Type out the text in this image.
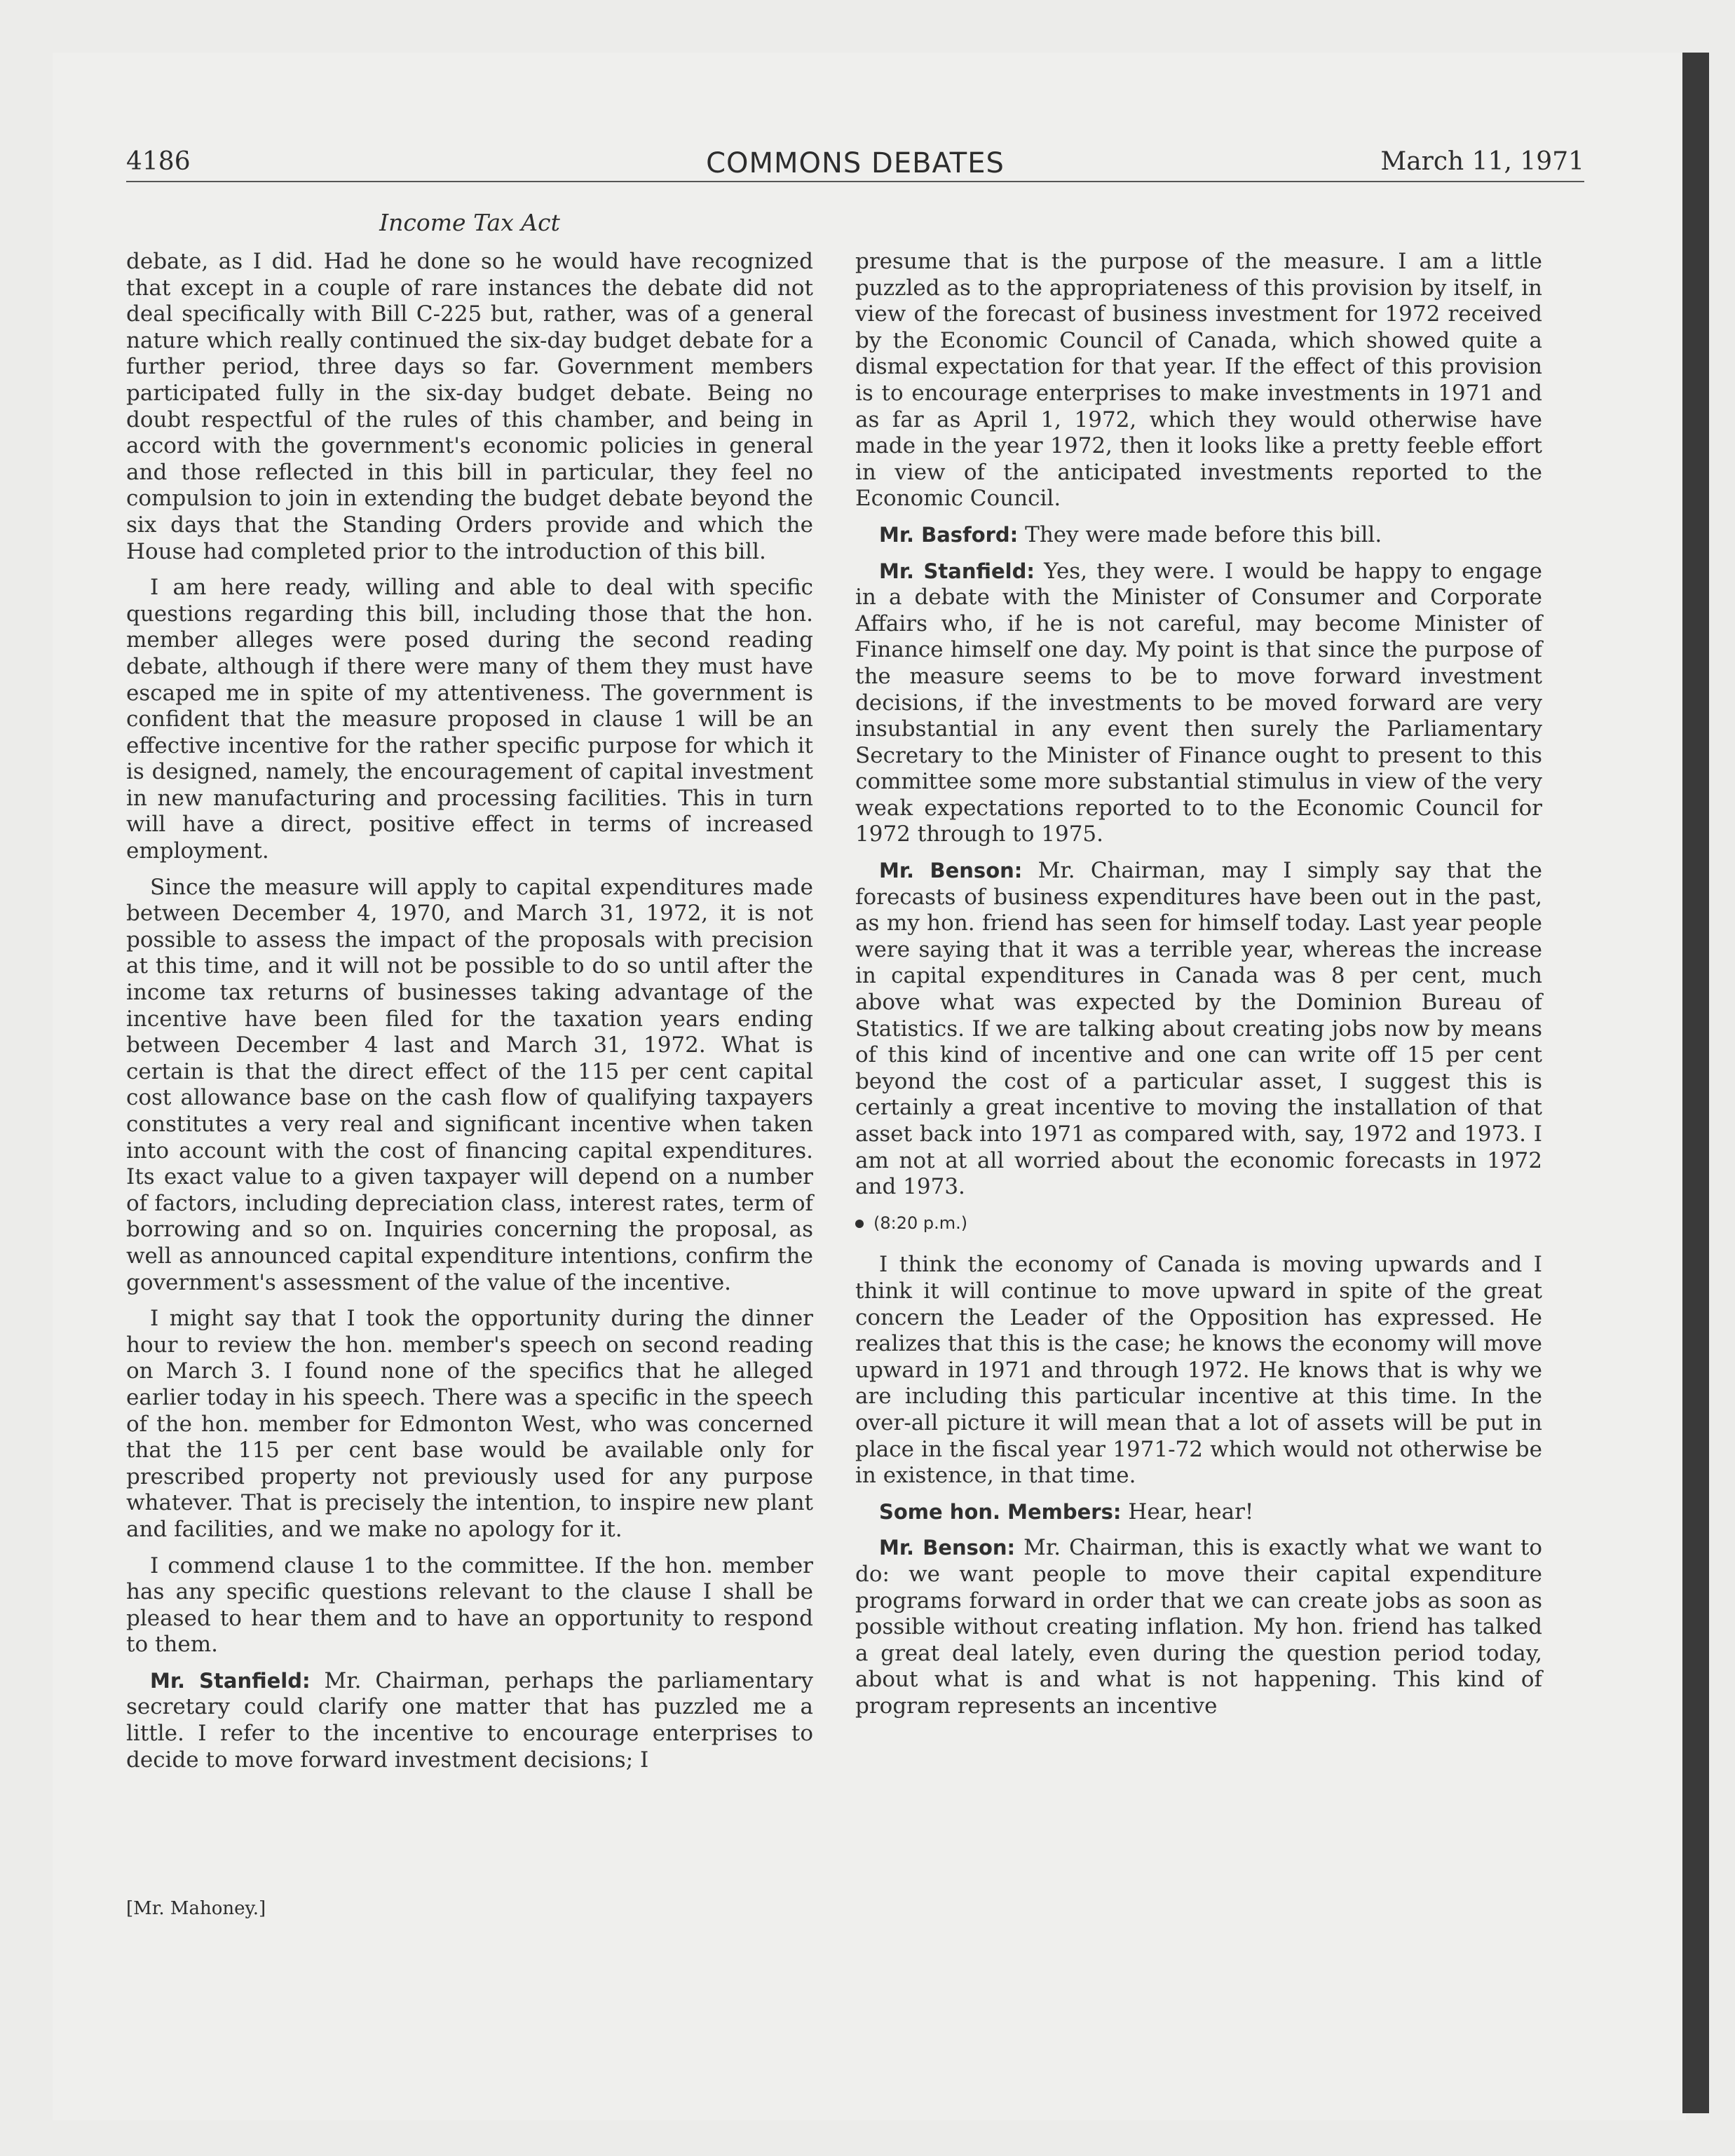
4186	COMMONS DEBATES	March 11, 1971
Income Tax Act

debate, as I did. Had he done so he would have recognized that except in a couple of rare instances the debate did not deal specifically with Bill C-225 but, rather, was of a general nature which really continued the six-day budget debate for a further period, three days so far. Government members participated fully in the six-day budget debate. Being no doubt respectful of the rules of this chamber, and being in accord with the government's economic policies in general and those reflected in this bill in particular, they feel no compulsion to join in extending the budget debate beyond the six days that the Standing Orders provide and which the House had completed prior to the introduction of this bill.

I am here ready, willing and able to deal with specific questions regarding this bill, including those that the hon. member alleges were posed during the second reading debate, although if there were many of them they must have escaped me in spite of my attentiveness. The government is confident that the measure proposed in clause 1 will be an effective incentive for the rather specific purpose for which it is designed, namely, the encouragement of capital investment in new manufacturing and processing facilities. This in turn will have a direct, positive effect in terms of increased employment.

Since the measure will apply to capital expenditures made between December 4, 1970, and March 31, 1972, it is not possible to assess the impact of the proposals with precision at this time, and it will not be possible to do so until after the income tax returns of businesses taking advantage of the incentive have been filed for the taxation years ending between December 4 last and March 31, 1972. What is certain is that the direct effect of the 115 per cent capital cost allowance base on the cash flow of qualifying taxpayers constitutes a very real and significant incentive when taken into account with the cost of financing capital expenditures. Its exact value to a given taxpayer will depend on a number of factors, including depreciation class, interest rates, term of borrowing and so on. Inquiries concerning the proposal, as well as announced capital expenditure intentions, confirm the government's assessment of the value of the incentive.

I might say that I took the opportunity during the dinner hour to review the hon. member's speech on second reading on March 3. I found none of the specifics that he alleged earlier today in his speech. There was a specific in the speech of the hon. member for Edmonton West, who was concerned that the 115 per cent base would be available only for prescribed property not previously used for any purpose whatever. That is precisely the intention, to inspire new plant and facilities, and we make no apology for it.

I commend clause 1 to the committee. If the hon. member has any specific questions relevant to the clause I shall be pleased to hear them and to have an opportunity to respond to them.

Mr. Stanfield: Mr. Chairman, perhaps the parliamentary secretary could clarify one matter that has puzzled me a little. I refer to the incentive to encourage enterprises to decide to move forward investment decisions; I

presume that is the purpose of the measure. I am a little puzzled as to the appropriateness of this provision by itself, in view of the forecast of business investment for 1972 received by the Economic Council of Canada, which showed quite a dismal expectation for that year. If the effect of this provision is to encourage enterprises to make investments in 1971 and as far as April 1, 1972, which they would otherwise have made in the year 1972, then it looks like a pretty feeble effort in view of the anticipated investments reported to the Economic Council.

Mr. Basford: They were made before this bill.

Mr. Stanfield: Yes, they were. I would be happy to engage in a debate with the Minister of Consumer and Corporate Affairs who, if he is not careful, may become Minister of Finance himself one day. My point is that since the purpose of the measure seems to be to move forward investment decisions, if the investments to be moved forward are very insubstantial in any event then surely the Parliamentary Secretary to the Minister of Finance ought to present to this committee some more substantial stimulus in view of the very weak expectations reported to to the Economic Council for 1972 through to 1975.

Mr. Benson: Mr. Chairman, may I simply say that the forecasts of business expenditures have been out in the past, as my hon. friend has seen for himself today. Last year people were saying that it was a terrible year, whereas the increase in capital expenditures in Canada was 8 per cent, much above what was expected by the Dominion Bureau of Statistics. If we are talking about creating jobs now by means of this kind of incentive and one can write off 15 per cent beyond the cost of a particular asset, I suggest this is certainly a great incentive to moving the installation of that asset back into 1971 as compared with, say, 1972 and 1973. I am not at all worried about the economic forecasts in 1972 and 1973.

(8:20 p.m.)

I think the economy of Canada is moving upwards and I think it will continue to move upward in spite of the great concern the Leader of the Opposition has expressed. He realizes that this is the case; he knows the economy will move upward in 1971 and through 1972. He knows that is why we are including this particular incentive at this time. In the over-all picture it will mean that a lot of assets will be put in place in the fiscal year 1971-72 which would not otherwise be in existence, in that time.

Some hon. Members: Hear, hear!

Mr. Benson: Mr. Chairman, this is exactly what we want to do: we want people to move their capital expenditure programs forward in order that we can create jobs as soon as possible without creating inflation. My hon. friend has talked a great deal lately, even during the question period today, about what is and what is not happening. This kind of program represents an incentive

[Mr. Mahoney.]
